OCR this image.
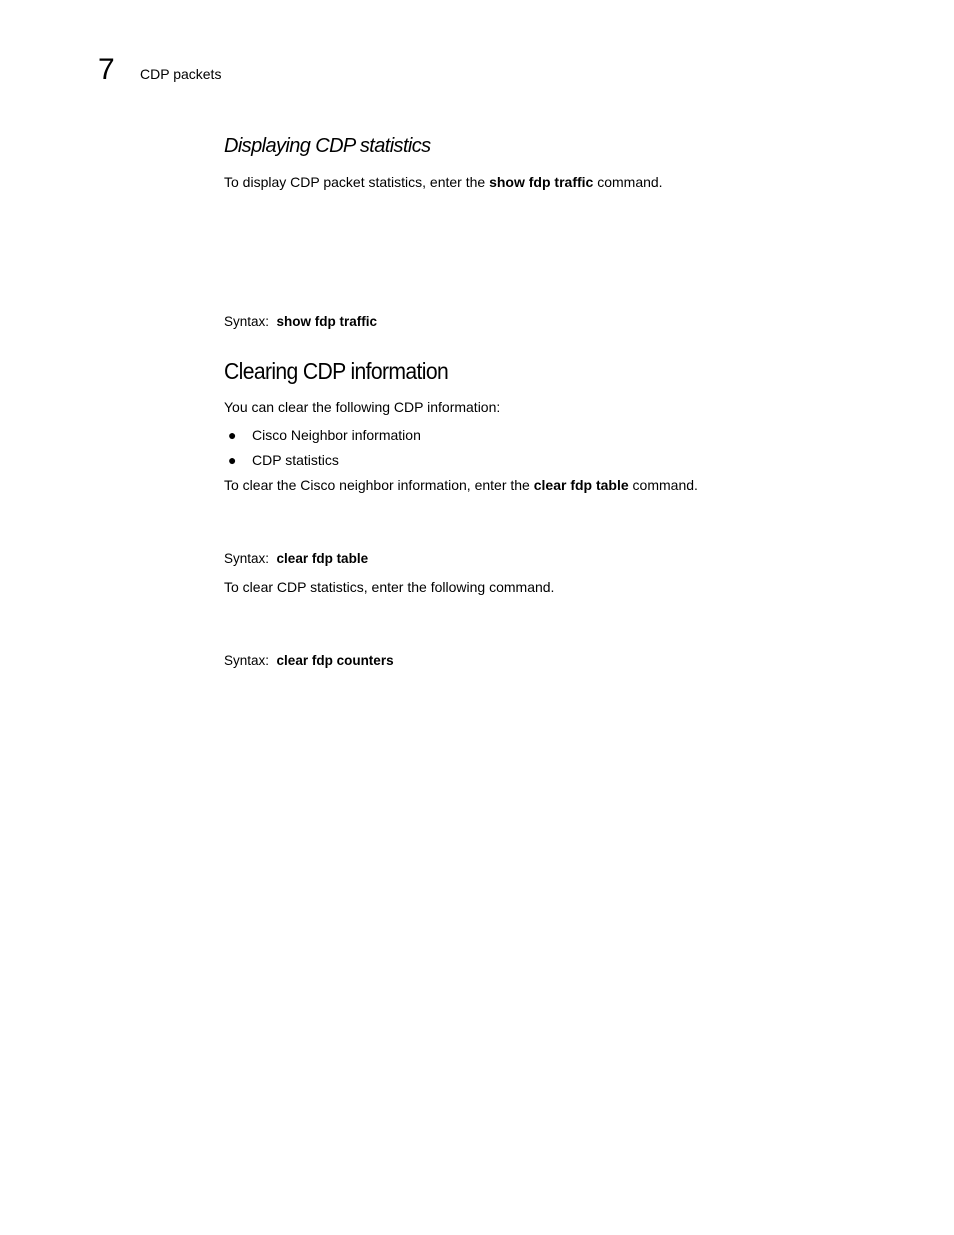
7 CDP packets
Displaying CDP statistics
To display CDP packet statistics, enter the show fdp traffic command.
Syntax: show fdp traffic
Clearing CDP information
You can clear the following CDP information:
● Cisco Neighbor information
● CDP statistics
To clear the Cisco neighbor information, enter the clear fdp table command.
Syntax: clear fdp table
To clear CDP statistics, enter the following command.
Syntax: clear fdp counters
